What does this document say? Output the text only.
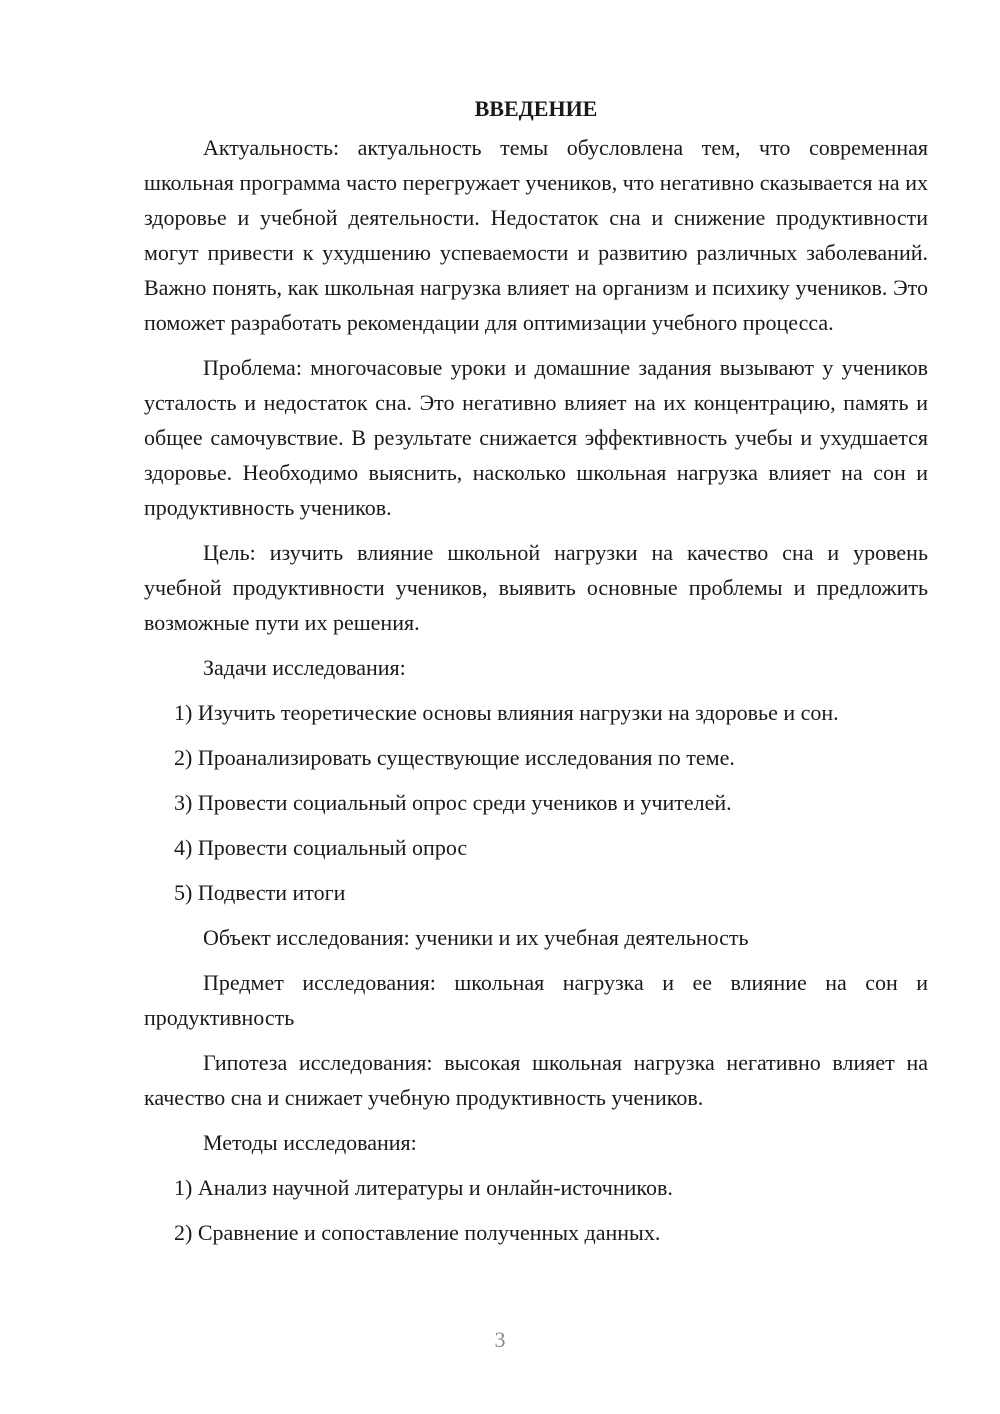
ВВЕДЕНИЕ

Актуальность: актуальность темы обусловлена тем, что современная школьная программа часто перегружает учеников, что негативно сказывается на их здоровье и учебной деятельности. Недостаток сна и снижение продуктивности могут привести к ухудшению успеваемости и развитию различных заболеваний. Важно понять, как школьная нагрузка влияет на организм и психику учеников. Это поможет разработать рекомендации для оптимизации учебного процесса.

Проблема: многочасовые уроки и домашние задания вызывают у учеников усталость и недостаток сна. Это негативно влияет на их концентрацию, память и общее самочувствие. В результате снижается эффективность учебы и ухудшается здоровье. Необходимо выяснить, насколько школьная нагрузка влияет на сон и продуктивность учеников.

Цель: изучить влияние школьной нагрузки на качество сна и уровень учебной продуктивности учеников, выявить основные проблемы и предложить возможные пути их решения.

Задачи исследования:

1) Изучить теоретические основы влияния нагрузки на здоровье и сон.
2) Проанализировать существующие исследования по теме.
3) Провести социальный опрос среди учеников и учителей.
4) Провести социальный опрос
5) Подвести итоги

Объект исследования: ученики и их учебная деятельность

Предмет исследования: школьная нагрузка и ее влияние на сон и продуктивность

Гипотеза исследования: высокая школьная нагрузка негативно влияет на качество сна и снижает учебную продуктивность учеников.

Методы исследования:

1) Анализ научной литературы и онлайн-источников.
2) Сравнение и сопоставление полученных данных.
3
